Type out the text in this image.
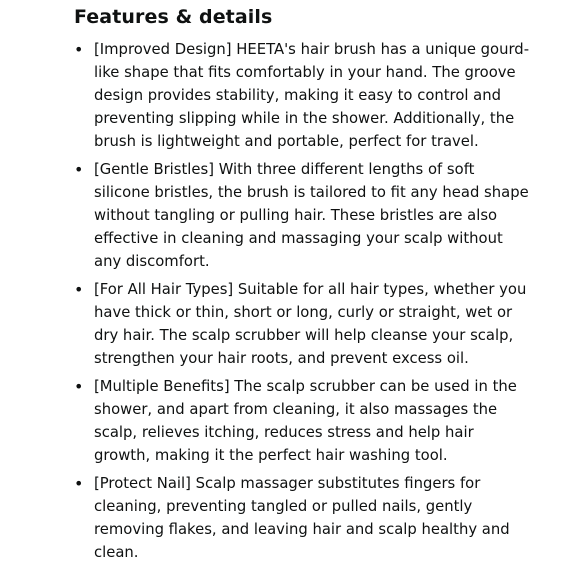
Features & details
• [Improved Design] HEETA's hair brush has a unique gourd-like shape that fits comfortably in your hand. The groove design provides stability, making it easy to control and preventing slipping while in the shower. Additionally, the brush is lightweight and portable, perfect for travel.
• [Gentle Bristles] With three different lengths of soft silicone bristles, the brush is tailored to fit any head shape without tangling or pulling hair. These bristles are also effective in cleaning and massaging your scalp without any discomfort.
• [For All Hair Types] Suitable for all hair types, whether you have thick or thin, short or long, curly or straight, wet or dry hair. The scalp scrubber will help cleanse your scalp, strengthen your hair roots, and prevent excess oil.
• [Multiple Benefits] The scalp scrubber can be used in the shower, and apart from cleaning, it also massages the scalp, relieves itching, reduces stress and help hair growth, making it the perfect hair washing tool.
• [Protect Nail] Scalp massager substitutes fingers for cleaning, preventing tangled or pulled nails, gently removing flakes, and leaving hair and scalp healthy and clean.
